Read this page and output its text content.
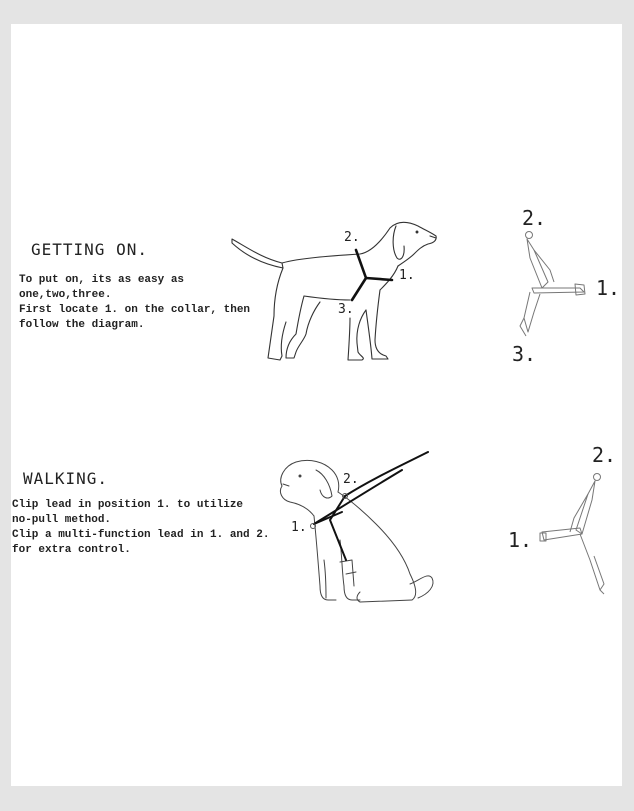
GETTING ON.
To put on, its as easy as
one,two,three.
First locate 1. on the collar, then
follow the diagram.
2.
1.
3.
2.
1.
3.
WALKING.
Clip lead in position 1. to utilize
no-pull method.
Clip a multi-function lead in 1. and 2.
for extra control.
2.
1.
2.
1.
